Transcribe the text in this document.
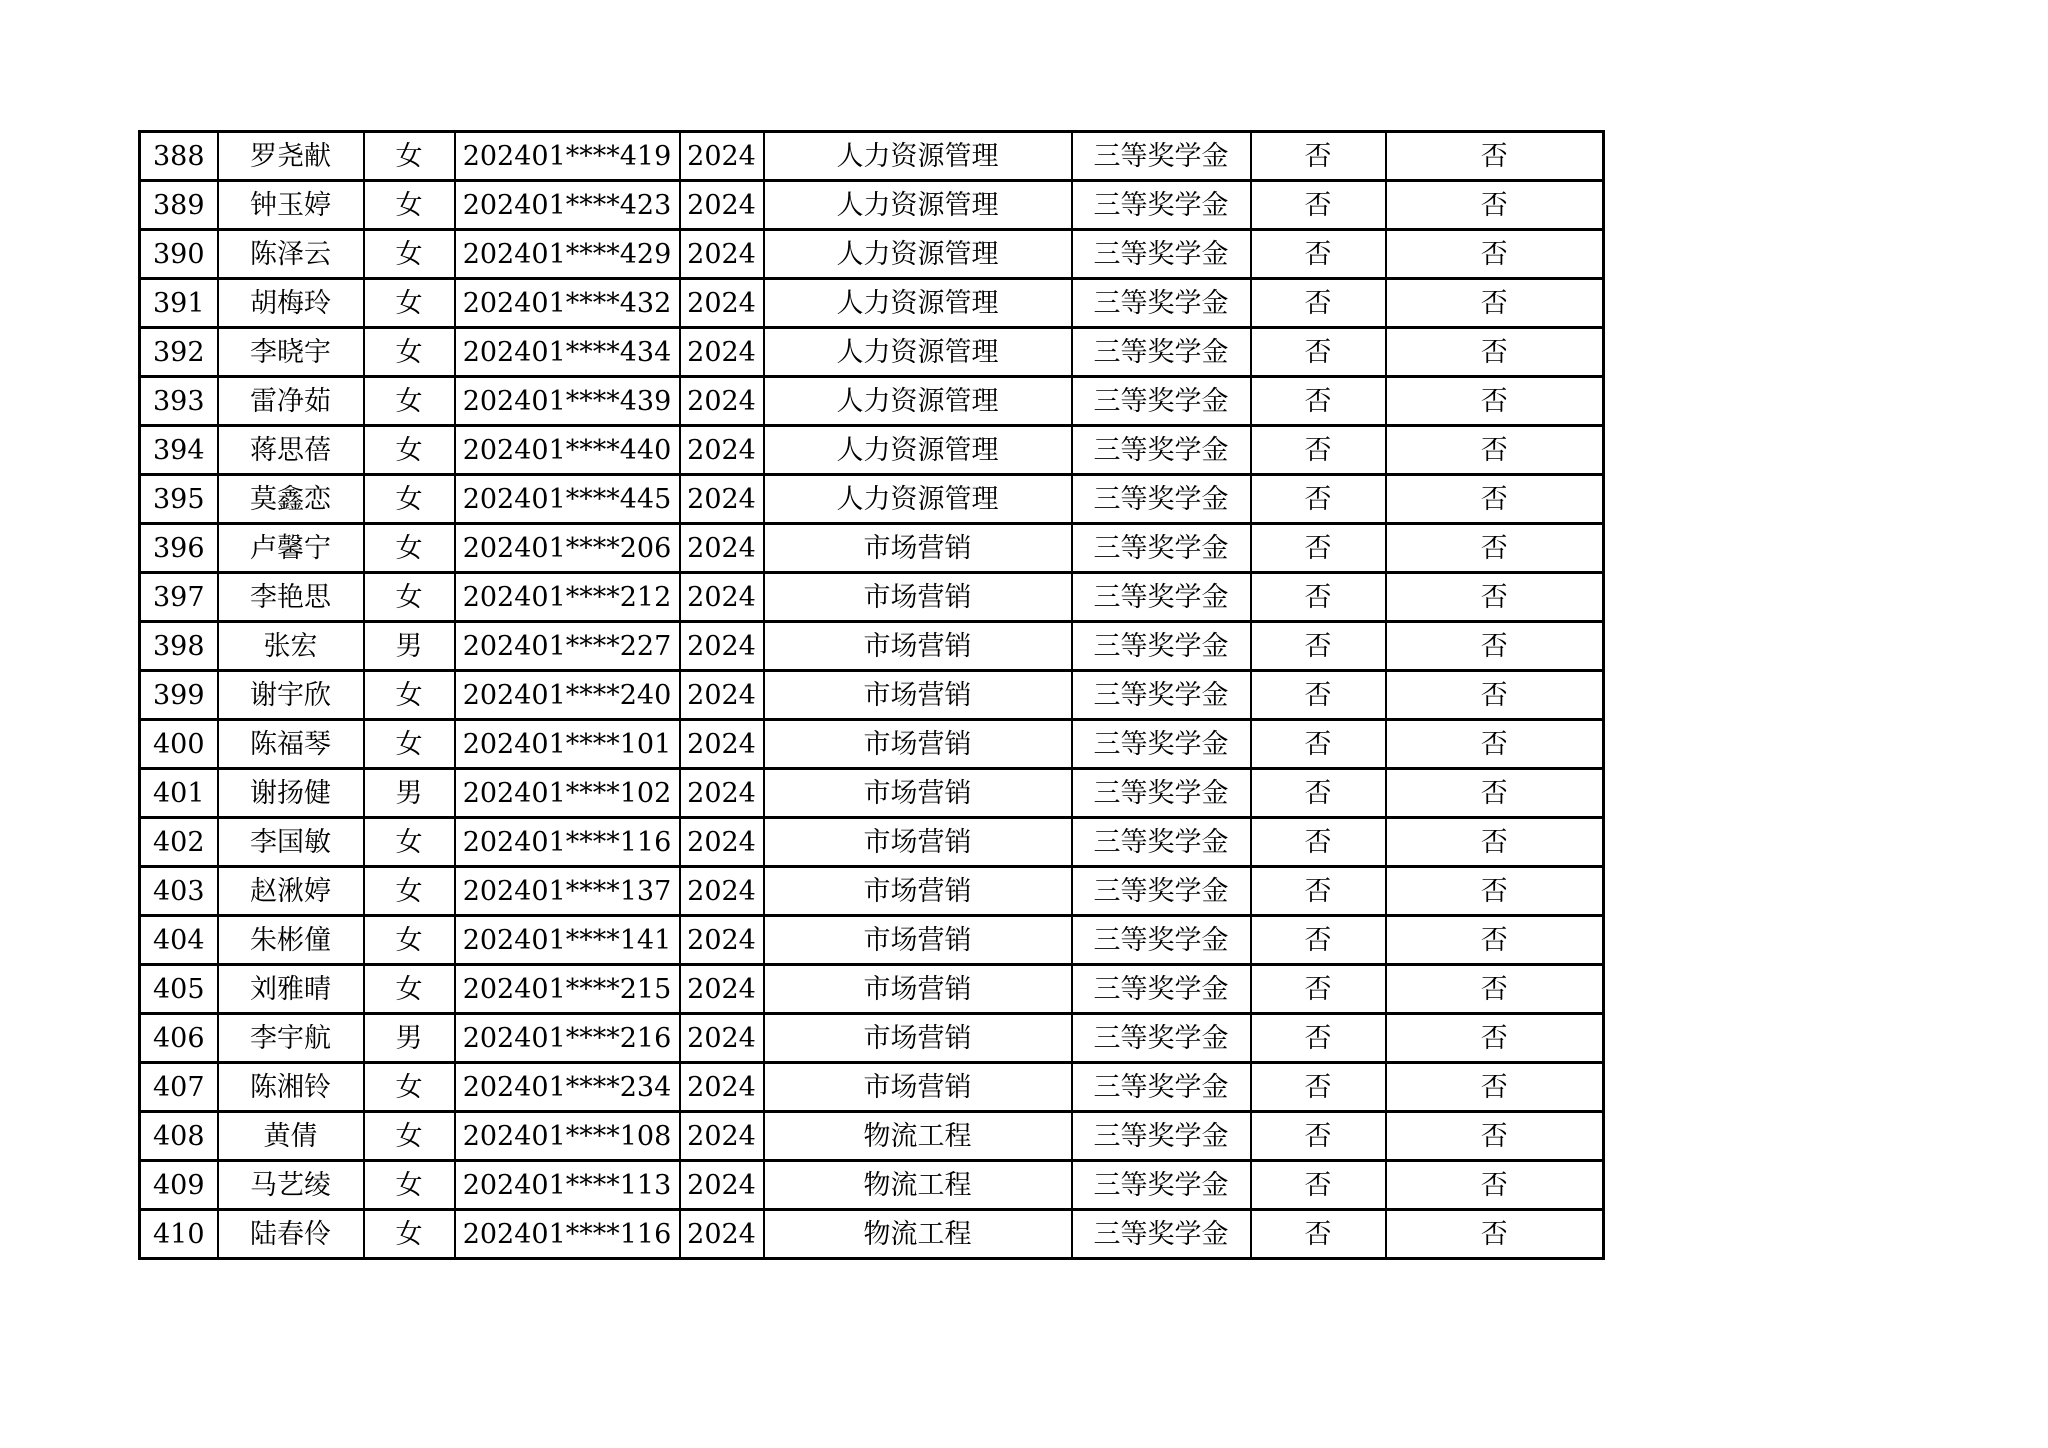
388	罗尧献	女	202401****419	2024	人力资源管理	三等奖学金	否	否
389	钟玉婷	女	202401****423	2024	人力资源管理	三等奖学金	否	否
390	陈泽云	女	202401****429	2024	人力资源管理	三等奖学金	否	否
391	胡梅玲	女	202401****432	2024	人力资源管理	三等奖学金	否	否
392	李晓宇	女	202401****434	2024	人力资源管理	三等奖学金	否	否
393	雷净茹	女	202401****439	2024	人力资源管理	三等奖学金	否	否
394	蒋思蓓	女	202401****440	2024	人力资源管理	三等奖学金	否	否
395	莫鑫恋	女	202401****445	2024	人力资源管理	三等奖学金	否	否
396	卢馨宁	女	202401****206	2024	市场营销	三等奖学金	否	否
397	李艳思	女	202401****212	2024	市场营销	三等奖学金	否	否
398	张宏	男	202401****227	2024	市场营销	三等奖学金	否	否
399	谢宇欣	女	202401****240	2024	市场营销	三等奖学金	否	否
400	陈福琴	女	202401****101	2024	市场营销	三等奖学金	否	否
401	谢扬健	男	202401****102	2024	市场营销	三等奖学金	否	否
402	李国敏	女	202401****116	2024	市场营销	三等奖学金	否	否
403	赵湫婷	女	202401****137	2024	市场营销	三等奖学金	否	否
404	朱彬僮	女	202401****141	2024	市场营销	三等奖学金	否	否
405	刘雅晴	女	202401****215	2024	市场营销	三等奖学金	否	否
406	李宇航	男	202401****216	2024	市场营销	三等奖学金	否	否
407	陈湘铃	女	202401****234	2024	市场营销	三等奖学金	否	否
408	黄倩	女	202401****108	2024	物流工程	三等奖学金	否	否
409	马艺绫	女	202401****113	2024	物流工程	三等奖学金	否	否
410	陆春伶	女	202401****116	2024	物流工程	三等奖学金	否	否
